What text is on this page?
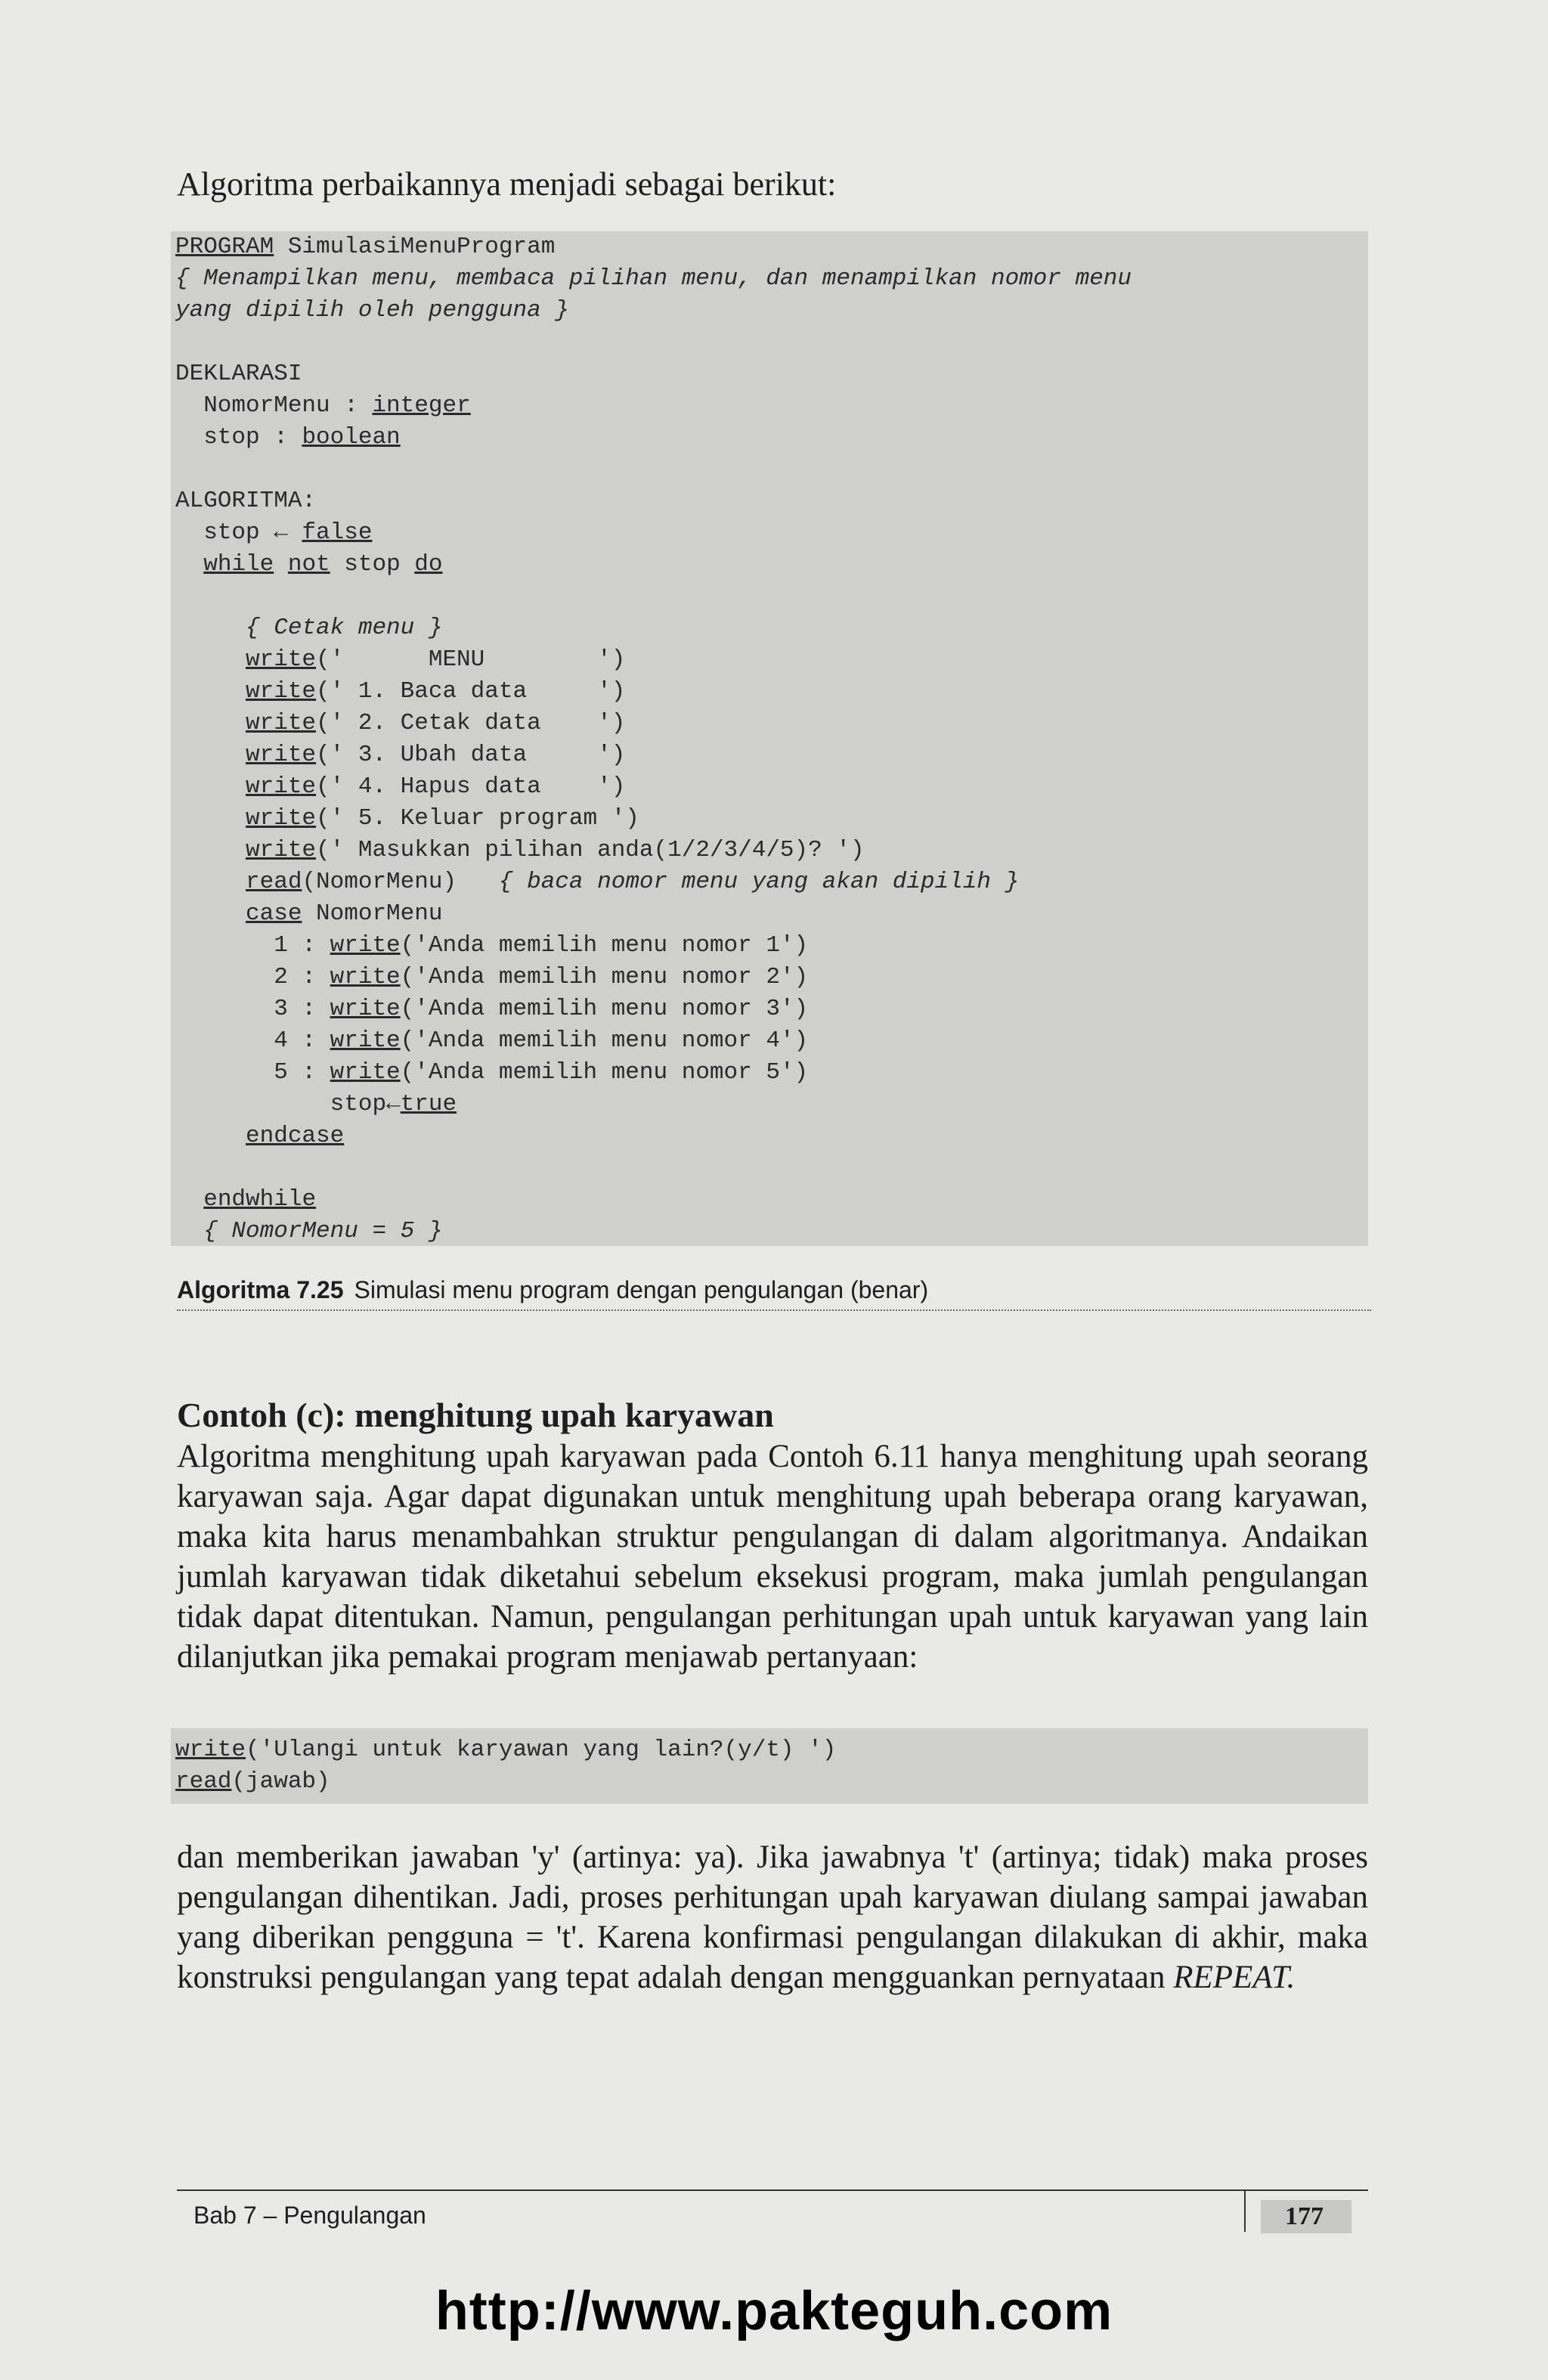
Algoritma perbaikannya menjadi sebagai berikut:

PROGRAM SimulasiMenuProgram
{ Menampilkan menu, membaca pilihan menu, dan menampilkan nomor menu
yang dipilih oleh pengguna }
DEKLARASI
NomorMenu : integer
stop : boolean
ALGORITMA:
stop ← false
while not stop do
{ Cetak menu }
write('      MENU        ')
write(' 1. Baca data     ')
write(' 2. Cetak data    ')
write(' 3. Ubah data     ')
write(' 4. Hapus data    ')
write(' 5. Keluar program ')
write(' Masukkan pilihan anda(1/2/3/4/5)? ')
read(NomorMenu)   { baca nomor menu yang akan dipilih }
case NomorMenu
1 : write('Anda memilih menu nomor 1')
2 : write('Anda memilih menu nomor 2')
3 : write('Anda memilih menu nomor 3')
4 : write('Anda memilih menu nomor 4')
5 : write('Anda memilih menu nomor 5')
stop←true
endcase
endwhile
{ NomorMenu = 5 }
Algoritma 7.25 Simulasi menu program dengan pengulangan (benar)
Contoh (c): menghitung upah karyawan

Algoritma menghitung upah karyawan pada Contoh 6.11 hanya menghitung upah seorang karyawan saja. Agar dapat digunakan untuk menghitung upah beberapa orang karyawan, maka kita harus menambahkan struktur pengulangan di dalam algoritmanya. Andaikan jumlah karyawan tidak diketahui sebelum eksekusi program, maka jumlah pengulangan tidak dapat ditentukan. Namun, pengulangan perhitungan upah untuk karyawan yang lain dilanjutkan jika pemakai program menjawab pertanyaan:

write('Ulangi untuk karyawan yang lain?(y/t) ')
read(jawab)

dan memberikan jawaban 'y' (artinya: ya). Jika jawabnya 't' (artinya; tidak) maka proses pengulangan dihentikan. Jadi, proses perhitungan upah karyawan diulang sampai jawaban yang diberikan pengguna = 't'. Karena konfirmasi pengulangan dilakukan di akhir, maka konstruksi pengulangan yang tepat adalah dengan mengguankan pernyataan REPEAT.

Bab 7 – Pengulangan	177
http://www.pakteguh.com
